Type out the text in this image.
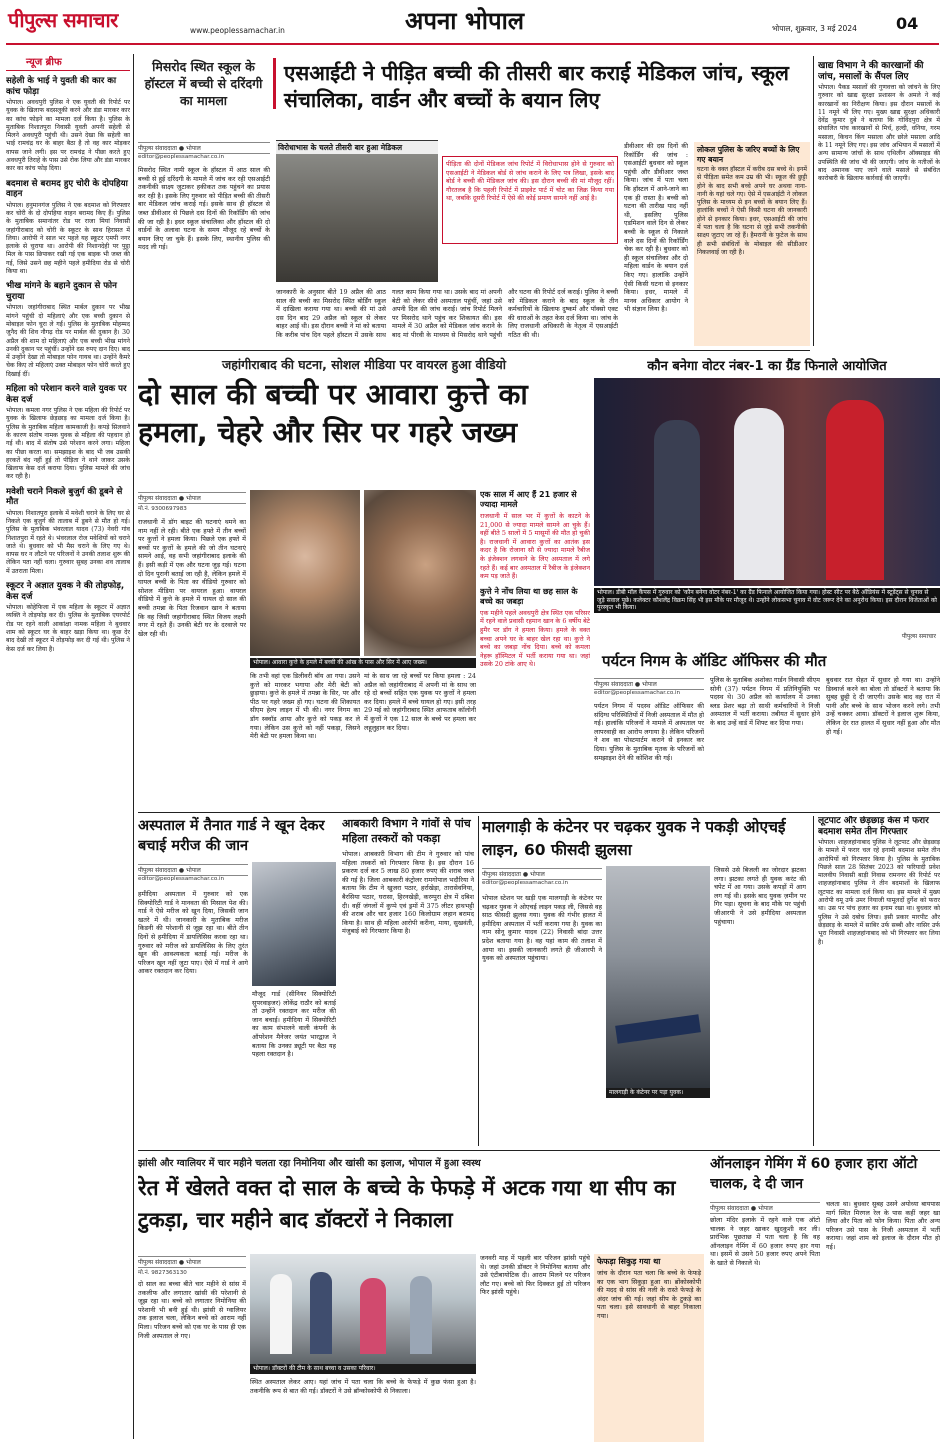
पीपुल्स समाचार	www.peoplessamachar.in	अपना भोपाल	भोपाल, शुक्रवार, 3 मई 2024 04
न्यूज ब्रीफ
सहेली के भाई ने युवती की कार का कांच फोड़ा

भोपाल। अवधपुरी पुलिस ने एक युवती की रिपोर्ट पर युवक के खिलाफ बदसलूकी करने और डंडा मारकर कार का कांच फोड़ने का मामला दर्ज किया है। पुलिस के मुताबिक निशातपुरा निवासी युवती अपनी सहेली से मिलने अवधपुरी पहुंची थी। उसने देखा कि सहेली का भाई रामचंद्र घर के बाहर बैठा है तो वह कार मोड़कर वापस जाने लगी। इस पर रामचंद्र ने पीछा करते हुए अवधपुरी तिराहे के पास उसे रोक लिया और डंडा मारकर कार का कांच फोड़ दिया।

बदमाश से बरामद हुए चोरी के दोपहिया वाहन

भोपाल। हनुमानगंज पुलिस ने एक बदमाश को गिरफ्तार कर चोरी के दो दोपहिया वाहन बरामद किए हैं। पुलिस के मुताबिक समानांतर रोड पर राजा मियां निवासी जहांगीराबाद को चोरी के स्कूटर के साथ हिरासत में लिया। आरोपी ने साल भर पहले यह स्कूटर एमपी नगर इलाके से चुराया था। आरोपी की निशानदेही पर पुट्ठा मिल के पास छिपाकर रखी गई एक बाइक भी जब्त की गई, जिसे उसने छह महीने पहले हमीदिया रोड से चोरी किया था।

भीख मांगने के बहाने दुकान से फोन चुराया

भोपाल। जहांगीराबाद स्थित मार्बल दुकान पर भीख मांगने पहुंची दो महिलाएं और एक बच्ची दुकान से मोबाइल फोन चुरा ले गईं। पुलिस के मुताबिक मोहम्मद जुनैद की शिव नौगढ़ रोड पर मार्बल की दुकान है। 30 अप्रैल की शाम दो महिलाएं और एक बच्ची भीख मांगने उनकी दुकान पर पहुंचीं। उन्होंने दस रुपए दान दिए। बाद में उन्होंने देखा तो मोबाइल फोन गायब था। उन्होंने कैमरे चेक किए तो महिलाएं उक्त मोबाइल फोन चोरी करते हुए दिखाई दीं।

महिला को परेशान करने वाले युवक पर केस दर्ज

भोपाल। कमला नगर पुलिस ने एक महिला की रिपोर्ट पर युवक के खिलाफ छेड़छाड़ का मामला दर्ज किया है। पुलिस के मुताबिक महिला कामकाजी है। कपड़े सिलवाने के कारण संतोष नामक युवक से महिला की पहचान हो गई थी। बाद में संतोष उसे परेशान करने लगा। महिला का पीछा करता था। समझाइश के बाद भी जब उसकी हरकतें बंद नहीं हुई तो पीड़िता ने थाने जाकर उसके खिलाफ केस दर्ज कराया दिया। पुलिस मामले की जांच कर रही है।

मवेशी चराने निकले बुजुर्ग की डूबने से मौत

भोपाल। निशातपुरा इलाके में मवेशी चराने के लिए घर से निकले एक बुजुर्ग की तालाब में डूबने से मौत हो गई। पुलिस के मुताबिक भंवरलाल यादव (73) नेवरी गांव निशातपुरा में रहते थे। भंवरलाल रोज मवेशियों को चराने जाते थे। बुधवार को भी मैस चराने के लिए गए थे। वापस घर न लौटने पर परिजनों ने उनकी तलाश शुरू की लेकिन पता नहीं चला। गुरुवार सुबह उनका शव तालाब में उतराता मिला।

स्कूटर ने अज्ञात युवक ने की तोड़फोड़, केस दर्ज

भोपाल। कोहेफिजा में एक महिला के स्कूटर में अज्ञात व्यक्ति ने तोड़फोड़ कर दी। पुलिस के मुताबिक एयरपोर्ट रोड पर रहने वाली आकांक्षा नामक महिला ने बुधवार शाम को स्कूटर घर के बाहर खड़ा किया था। कुछ देर बाद देखी तो स्कूटर में तोड़फोड़ कर दी गई थी। पुलिस ने केस दर्ज कर लिया है।

खाद्य विभाग ने की कारखानों की जांच, मसालों के सैंपल लिए

भोपाल। पैकड मसालों की गुणवत्ता को जांचने के लिए गुरुवार को खाद्य सुरक्षा प्रशासन के अमले ने कई कारखानों का निरीक्षण किया। इस दौरान मसालों के 11 नमूने भी लिए गए। मुख्य खाद्य सुरक्षा अधिकारी देवेंद्र कुमार दुबे ने बताया कि गोविंदपुरा क्षेत्र में संचालित पांच कारखानों से मिर्च, हल्दी, धनिया, गरम मसाला, किचन किंग मसाला और छोले मसाला आदि के 11 नमूने लिए गए। इस जांच अभियान में मसालों में अन्य सामान्य जांचों के साथ एथिलीन ऑक्साइड की उपस्थिति की जांच भी की जाएगी। जांच के नतीजों के बाद अमानक पाए जाने वाले मसाले से संबंधित कारोबारी के खिलाफ कार्रवाई की जाएगी।

मिसरोद स्थित स्कूल के हॉस्टल में बच्ची से दरिंदगी का मामला
एसआईटी ने पीड़ित बच्ची की तीसरी बार कराई मेडिकल जांच, स्कूल संचालिका, वार्डन और बच्चों के बयान लिए
पीपुल्स संवाददाता ● भोपाल
editor@peoplessamachar.co.in
विरोधाभास के चलते तीसरी बार हुआ मेडिकल

पीड़िता की दोनों मेडिकल जांच रिपोर्ट में विरोधाभास होने से गुरुवार को एसआईटी ने मेडिकल बोर्ड से जांच कराने के लिए पत्र लिखा, इसके बाद बोर्ड ने बच्ची की मेडिकल जांच की। इस दौरान बच्ची की मां मौजूद रहीं। गौरतलब है कि पहली रिपोर्ट में प्राइवेट पार्ट में चोट का जिक्र किया गया था, जबकि दूसरी रिपोर्ट में ऐसे की कोई प्रमाण सामने नहीं आई है।

मिसरोद स्थित नामी स्कूल के हॉस्टल में आठ साल की बच्ची से हुई दरिंदगी के मामले में जांच कर रही एसआईटी तकनीकी साक्ष्य जुटाकर हकीकत तक पहुंचने का प्रयास कर रही है। इसके लिए गुरुवार को पीड़ित बच्ची की तीसरी बार मेडिकल जांच कराई गई। इसके साथ ही हॉस्टल से जब्त डीवीआर से पिछले दस दिनों की रिकॉर्डिंग की जांच की जा रही है। इधर स्कूल संचालिका और हॉस्टल की दो वार्डनों के अलावा घटना के समय मौजूद रहे बच्चों के बयान लिए जा चुके हैं। इसके लिए, स्थानीय पुलिस की मदद ली गई।

जानकारी के अनुसार बीते 19 अप्रैल की आठ साल की बच्ची का मिसरोद स्थित बोर्डिंग स्कूल में दाखिला कराया गया था। बच्ची की मां उसे दस दिन बाद 29 अप्रैल को स्कूल से लेकर बाहर आई थी। इस दौरान बच्ची ने मां को बताया कि करीब पांच दिन पहले हॉस्टल में उसके साथ गलत काम किया गया था। उसके बाद मां अपनी बेटी को लेकर सीधे अस्पताल पहुंचीं, जहां उसे अपनी दिल की जांच कराई। जांच रिपोर्ट मिलने पर मिसरोद थाने पहुंच कर शिकायत की। इस मामले में 30 अप्रैल को मेडिकल जांच कराने के बाद मां पीरवी के माध्यम से मिसरोद थाने पहुंची और घटना की रिपोर्ट दर्ज कराई। पुलिस ने बच्ची को मेडिकल कराने के बाद स्कूल के तीन कर्मचारियों के खिलाफ दुष्कर्म और पॉक्सो एक्ट की धाराओं के तहत केस दर्ज किया था। जांच के लिए राजधानी अधिकारी के नेतृत्व में एसआईटी गठित की थी।

डीवीआर की दस दिनों की रिकॉर्डिंग की जांच : एसआईटी बुधवार को स्कूल पहुंची और डीवीआर जब्त किया। जांच में पता चला कि हॉस्टल में आने-जाने का एक ही रास्ता है। बच्ची को घटना की तारीख याद नहीं थी, इसलिए पुलिस एडमिशन वाले दिन से लेकर बच्ची के स्कूल से निकाले वाले दस दिनों की रिकॉर्डिंग चेक कर रही है। बुधवार को ही स्कूल संचालिका और दो महिला वार्डन के बयान दर्ज किए गए। हालांकि उन्होंने ऐसी किसी घटना से इनकार किया। इधर, मामले में मानव अधिकार आयोग ने भी संज्ञान लिया है।

लोकल पुलिस के जरिए बच्चों के लिए गए बयान

घटना के वक्त हॉस्टल में करीब दस बच्चे थे। इनमें से पीड़िता समेत कम उम्र की भी। स्कूल की छुट्टी होने के बाद सभी बच्चे अपने घर अथवा नाना-नानी के यहां चले गए। ऐसे में एसआईटी ने लोकल पुलिस के माध्यम से इन बच्चों के बयान लिए हैं। हालांकि बच्चों ने ऐसी किसी घटना की जानकारी होने से इनकार किया। इधर, एसआईटी की जांच में पता चला है कि घटना से जुड़े सभी तकनीकी साक्ष्य जुटाए जा रहे हैं। हैमरानी के फुटेज के साथ ही सभी संबंधितों के मोबाइल की सीडीआर निकलवाई जा रही है।

जहांगीराबाद की घटना, सोशल मीडिया पर वायरल हुआ वीडियो
दो साल की बच्ची पर आवारा कुत्ते का हमला, चेहरे और सिर पर गहरे जख्म
पीपुल्स संवाददाता ● भोपाल
मो.नं. 9300697983
भोपाल। आवारा कुत्ते के हमले में बच्ची की आंख के पास और सिर में आए जख्म।

राजधानी में डॉग बाइट की घटनाएं थमने का नाम नहीं ले रही। बीते एक हफ्ते में तीन बच्चों पर कुत्तों ने हमला किया। पिछले एक हफ्ते में बच्चों पर कुत्तों के हमले की जो तीन घटनाएं सामने आई, वह सभी जहांगीराबाद इलाके की हैं। इसी कड़ी में एक और घटना जुड़ गई। घटना दो दिन पुरानी बताई जा रही है, लेकिन हमले में घायल बच्ची के पिता का वीडियो गुरुवार को सोशल मीडिया पर वायरल हुआ। वायरल वीडियो में कुत्ते के हमले में घायल दो साल की बच्ची तमन्ना के पिता रिजवान खान ने बताया कि वह जिसी जहांगीराबाद स्थित विजय लक्ष्मी नगर में रहते हैं। उनकी बेटी घर के दरवाजे पर खेल रही थी।

कि तभी वहां एक डिलीवरी बॉय आ गया। उसने कुत्ते को मारकर भगाया और मेरी बेटी को छुड़ाया। कुत्ते के हमले में तमन्ना के सिर, पर और पीठ पर गहरे जख्म हो गए। घटना की शिकायत सीएम हेल्प लाइन में भी की। नगर निगम का डॉग स्क्वाॅड आया और कुत्ते को पकड़ कर ले गया। लेकिन उस कुत्ते को नहीं पकड़ा, जिसने मेरी बेटी पर हमला किया था।

मां के साथ जा रहे बच्चों पर किया हमला : 24 अप्रैल को जहांगीराबाद में अपनी मां के साथ जा रहे दो बच्चों सहित एक युवक पर कुत्तों ने हमला कर दिया। हमले में बच्चे घायल हो गए। इसी तरह 29 मई को जहांगीराबाद स्थित आफताब कॉलोनी में कुत्तों ने एक 12 साल के बच्चे पर हमला कर लहूलुहान कर दिया।

एक साल में आए हैं 21 हजार से ज्यादा मामले

राजधानी में साल भर में कुत्तों के काटने के 21,000 से ज्यादा मामले सामने आ चुके हैं। वहीं बीते 5 सालों में 5 मासूमों की मौत हो चुकी है। राजधानी में आवारा कुत्तों का आतंक इस कदर है कि रोजाना सौ से ज्यादा मामले रैबीज के इंजेक्शन लगवाने के लिए अस्पताल में लगे रहते हैं। कई बार अस्पताल में रैबीज के इंजेक्शन कम पड़ जाते हैं।

कुत्ते ने नोंच लिया था छह साल के बच्चे का जबड़ा

एक महीने पहले अवधपुरी क्षेत्र स्थित एक परिसर में रहने वाले प्रवासी रहमान खान के 6 वर्षीय बेटे हुमैर पर डॉग ने हमला किया। हमले के वक्त बच्चा अपने घर के बाहर खेल रहा था। कुत्ते ने बच्चे का जबड़ा नोंच दिया। बच्चे को कमला नेहरू हॉस्पिटल में भर्ती कराया गया था। जहां उसके 20 टांके आए थे।

कौन बनेगा वोटर नंबर-1 का ग्रैंड फिनाले आयोजित
भोपाल। डीबी मॉल कैंपस में गुरुवार को 'कौन बनेगा वोटर नंबर-1' का ग्रैंड फिनाले आयोजित किया गया। होस्ट सीट पर बैठे ऑडियंस में स्टूडेंट्स से चुनाव से जुड़े सवाल पूछे। कलेक्टर कौशलेंद्र विक्रम सिंह भी इस मौके पर मौजूद थे। उन्होंने लोकसभा चुनाव में वोट जरूर देने का अनुरोध किया। इस दौरान विजेताओं को पुरस्कृत भी किया।
पीपुल्स समाचार
पर्यटन निगम के ऑडिट ऑफिसर की मौत
पीपुल्स संवाददाता ● भोपाल
editor@peoplessamachar.co.in

पर्यटन निगम में पदस्थ ऑडिट ऑफिसर की संदिग्ध परिस्थितियों में निजी अस्पताल में मौत हो गई। हालांकि परिजनों ने मामले में अस्पताल पर लापरवाही का आरोप लगाया है। लेकिन परिजनों ने शव का पोस्टमार्टम कराने से इनकार कर दिया। पुलिस के मुताबिक मृतक के परिजनों को समझाइश देने की कोशिश की गई।

पुलिस के मुताबिक अशोका गार्डन निवासी सीएम सोनी (37) पर्यटन निगम में प्रतिनियुक्ति पर पदस्थ थे। 30 अप्रैल को कार्यालय में उनका ब्लड प्रेशर बढ़ा तो साथी कर्मचारियों ने निजी अस्पताल में भर्ती कराया। तबीयत में सुधार होने के बाद उन्हें वार्ड में शिफ्ट कर दिया गया।

बुधवार रात सेहत में सुधार हो गया था। उन्होंने डिस्चार्ज करने का बोला तो डॉक्टरों ने बताया कि सुबह छुट्टी दे दी जाएगी। उसके बाद वह रात में पानी और बच्चे के साथ भोजन करने लगे। तभी उन्हें चक्कर आया। डॉक्टरों ने इलाज शुरू किया, लेकिन देर रात हालत में सुधार नहीं हुआ और मौत हो गई।

अस्पताल में तैनात गार्ड ने खून देकर बचाई मरीज की जान
पीपुल्स संवाददाता ● भोपाल
editor@peoplessamachar.co.in

हमीदिया अस्पताल में गुरुवार को एक सिक्योरिटी गार्ड ने मानवता की मिसाल पेश की। गार्ड ने ऐसे मरीज को खून दिया, जिसकी जान खतरे में थी। जानकारी के मुताबिक मरीज किडनी की परेशानी से जूझ रहा था। बीते तीन दिनों से हमीदिया में डायलिसिस करवा रहा था। गुरुवार को मरीज को डायलिसिस के लिए तुरंत खून की आवश्यकता बताई गई। मरीज के परिजन खून नहीं जुटा पाए। ऐसे में गार्ड ने आगे आकर रक्तदान कर दिया।

मौजूद गार्ड (सीनियर सिक्योरिटी सुपरवाइजर) लोकेंद्र राठौर को बताई तो उन्होंने रक्तदान कर मरीज की जान बचाई। हमीदिया में सिक्योरिटी का काम संभालने वाली कंपनी के ऑपरेशन मैनेजर जयंत भारद्वाज ने बताया कि उनका ड्यूटी पर बैठा यह पहला रक्तदान है।

आबकारी विभाग ने गांवों से पांच महिला तस्करों को पकड़ा

भोपाल। आबकारी विभाग की टीम ने गुरुवार को पांच महिला तस्करों को गिरफ्तार किया है। इस दौरान 16 प्रकरण दर्ज कर 5 लाख 80 हजार रुपए की शराब जब्त की गई है। जिला आबकारी कंट्रोलर रामगोपाल भदौरिया ने बताया कि टीम ने खुजरा पठार, हर्राखेड़ा, तारासेवनिया, बैरसिया पठार, घरासा, हिरनखेड़ी, करम्पुरा क्षेत्र में दबिश दी। वहीं जंगलों में कुप्पे एवं ड्रमों में 375 लीटर हाथभट्टी की शराब और चार हजार 160 किलोग्राम लहान बरामद किया है। साथ ही महिला आरोपी करीना, माया, सुखवंती, मंजुबाई को गिरफ्तार किया है।

मालगाड़ी के कंटेनर पर चढ़कर युवक ने पकड़ी ओएचई लाइन, 60 फीसदी झुलसा
पीपुल्स संवाददाता ● भोपाल
editor@peoplessamachar.co.in

भोपाल स्टेशन पर खड़ी एक मालगाड़ी के कंटेनर पर चढ़कर युवक ने ओएचई लाइन पकड़ ली, जिससे वह साठ फीसदी झुलस गया। युवक की गंभीर हालत में हमीदिया अस्पताल में भर्ती कराया गया है। युवक का नाम सोनू कुमार यादव (22) निवासी बांदा उत्तर प्रदेश बताया गया है। वह यहां काम की तलाश में आया था। इसकी जानकारी लगते ही जीआरपी ने युवक को अस्पताल पहुंचाया।

मालगाड़ी के कंटेनर पर पड़ा युवक।

जिससे उसे बिजली का जोरदार झटका लगा। झटका लगते ही युवक करंट की चपेट में आ गया। उसके कपड़ों में आग लग गई थी। इसके बाद युवक ज़मीन पर गिर पड़ा। सूचना के बाद मौके पर पहुंची जीआरपी ने उसे हमीदिया अस्पताल पहुंचाया।

लूटपाट और छेड़छाड़ केस में फरार बदमाश समेत तीन गिरफ्तार

भोपाल। शाहजहांनाबाद पुलिस ने लूटपाट और छेड़छाड़ के मामले में फरार चल रहे इनामी बदमाश समेत तीन आरोपियों को गिरफ्तार किया है। पुलिस के मुताबिक पिछले साल 28 सितंबर 2023 को फरियादी प्रवेश मालवीय निवासी बाड़ी निवास रामनगर की रिपोर्ट पर शाहजहांनाबाद पुलिस ने तीन बदमाशों के खिलाफ लूटपाट का मामला दर्ज किया था। इस मामले में मुख्य आरोपी वमू उर्फ उमर नियाजी यामूलदों दुर्गेश को फरार था। उस पर पांच हजार का इनाम रखा था। बुधवार को पुलिस ने उसे दबोच लिया। इसी प्रकार मारपीट और छेड़छाड़ के मामले में साबिर उर्फ सब्बी और नासिर उर्फ भूरा निवासी शाहजहांनाबाद को भी गिरफ्तार कर लिया है।

झांसी और ग्वालियर में चार महीने चलता रहा निमोनिया और खांसी का इलाज, भोपाल में हुआ स्वस्थ
रेत में खेलते वक्त दो साल के बच्चे के फेफड़े में अटक गया था सीप का टुकड़ा, चार महीने बाद डॉक्टरों ने निकाला
पीपुल्स संवाददाता ● भोपाल
मो.नं. 9827363130

दो साल का बच्चा बीते चार महीने से सांस में तकलीफ और लगातार खांसी की परेशानी से जूझ रहा था। बच्चे को लगातार निमोनिया की परेशानी भी बनी हुई थी। झांसी से ग्वालियर तक इलाज चला, लेकिन बच्चे को आराम नहीं मिला। परिजन बच्चे को एक घर के पास ही एक निजी अस्पताल ले गए।

भोपाल। डॉक्टरों की टीम के साथ बच्चा व उसका परिवार।

स्थित अस्पताल लेकर आए। यहां जांच में पता चला कि बच्चे के फेफड़े में कुछ फंसा हुआ है। तकनीकि रूप से बात की गई। डॉक्टरों ने उसे ब्रॉन्कोस्कोपी से निकाला।

जनवरी माह में पहली बार परिजन झांसी पहुंचे थे। जहां उनकी डॉक्टर ने निमोनिया बताया और उसे एंटीबायोटिक दी। आराम मिलने पर परिजन लौट गए। बच्चे को फिर दिक्कत हुई तो परिजन फिर झांसी पहुंचे।

फेफड़ा सिकुड़ गया था

जांच के दौरान पता चला कि बच्चे के फेफड़े का एक भाग सिकुड़ा हुआ था। ब्रोंकोस्कोपी की मदद से सांस की नली के रास्ते फेफड़े के अंदर जांच की गई। जहां सीप के टुकड़े का पता चला। इसे सावधानी से बाहर निकाला गया।

ऑनलाइन गेमिंग में 60 हजार हारा ऑटो चालक, दे दी जान
पीपुल्स संवाददाता ● भोपाल

छोला मंदिर इलाके में रहने वाले एक ऑटो चालक ने जहर खाकर खुदकुशी कर ली। प्रारंभिक पूछताछ में पता चला है कि वह ऑनलाइन गेमिंग में 60 हजार रुपए हार गया था। इसमें से उसने 50 हजार रुपए अपने पिता के खाते से निकाले थे।

चलता था। बुधवार सुबह उसने अयोध्या बायपास मार्ग स्थित मिरगल रेल के पास कहीं जहर खा लिया और पिता को फोन किया। पिता और अन्य परिजन उसे पास के निजी अस्पताल में भर्ती कराया। जहां शाम को इलाज के दौरान मौत हो गई।
